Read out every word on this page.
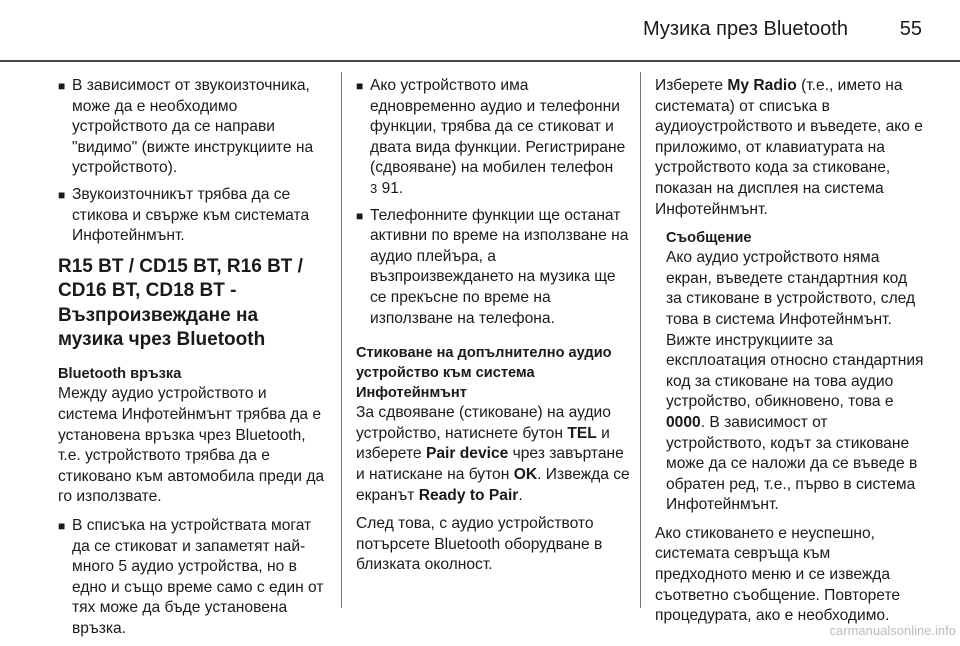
Музика през Bluetooth	55
■ В зависимост от звукоизточника, може да е необходимо устройството да се направи "видимо" (вижте инструкциите на устройството).
■ Звукоизточникът трябва да се стикова и свърже към системата Инфотейнмънт.
R15 BT / CD15 BT, R16 BT / CD16 BT, CD18 BT - Възпроизвеждане на музика чрез Bluetooth
Bluetooth връзка

Между аудио устройството и система Инфотейнмънт трябва да е установена връзка чрез Bluetooth, т.е. устройството трябва да е стиковано към автомобила преди да го използвате.

■ В списъка на устройствата могат да се стиковат и запаметят най-много 5 аудио устройства, но в едно и също време само с един от тях може да бъде установена връзка.
■ Ако устройството има едновременно аудио и телефонни функции, трябва да се стиковат и двата вида функции. Регистриране (сдвояване) на мобилен телефон
3 91.
■ Телефонните функции ще останат активни по време на използване на аудио плейъра, а възпроизвеждането на музика ще се прекъсне по време на използване на телефона.
Стиковане на допълнително аудио устройство към система Инфотейнмънт

За сдвояване (стиковане) на аудио устройство, натиснете бутон TEL и изберете Pair device чрез завъртане и натискане на бутон OK. Извежда се екранът Ready to Pair.

След това, с аудио устройството потърсете Bluetooth оборудване в близката околност.

Изберете My Radio (т.е., името на системата) от списъка в аудиоустройството и въведете, ако е приложимо, от клавиатурата на устройството кода за стиковане, показан на дисплея на система Инфотейнмънт.

Съобщение

Ако аудио устройството няма екран, въведете стандартния код за стиковане в устройството, след това в система Инфотейнмънт. Вижте инструкциите за експлоатация относно стандартния код за стиковане на това аудио устройство, обикновено, това е 0000. В зависимост от устройството, кодът за стиковане може да се наложи да се въведе в обратен ред, т.е., първо в система Инфотейнмънт.

Ако стиковането е неуспешно, системата севръща към предходното меню и се извежда съответно съобщение. Повторете процедурата, ако е необходимо.

carmanualsonline.info
